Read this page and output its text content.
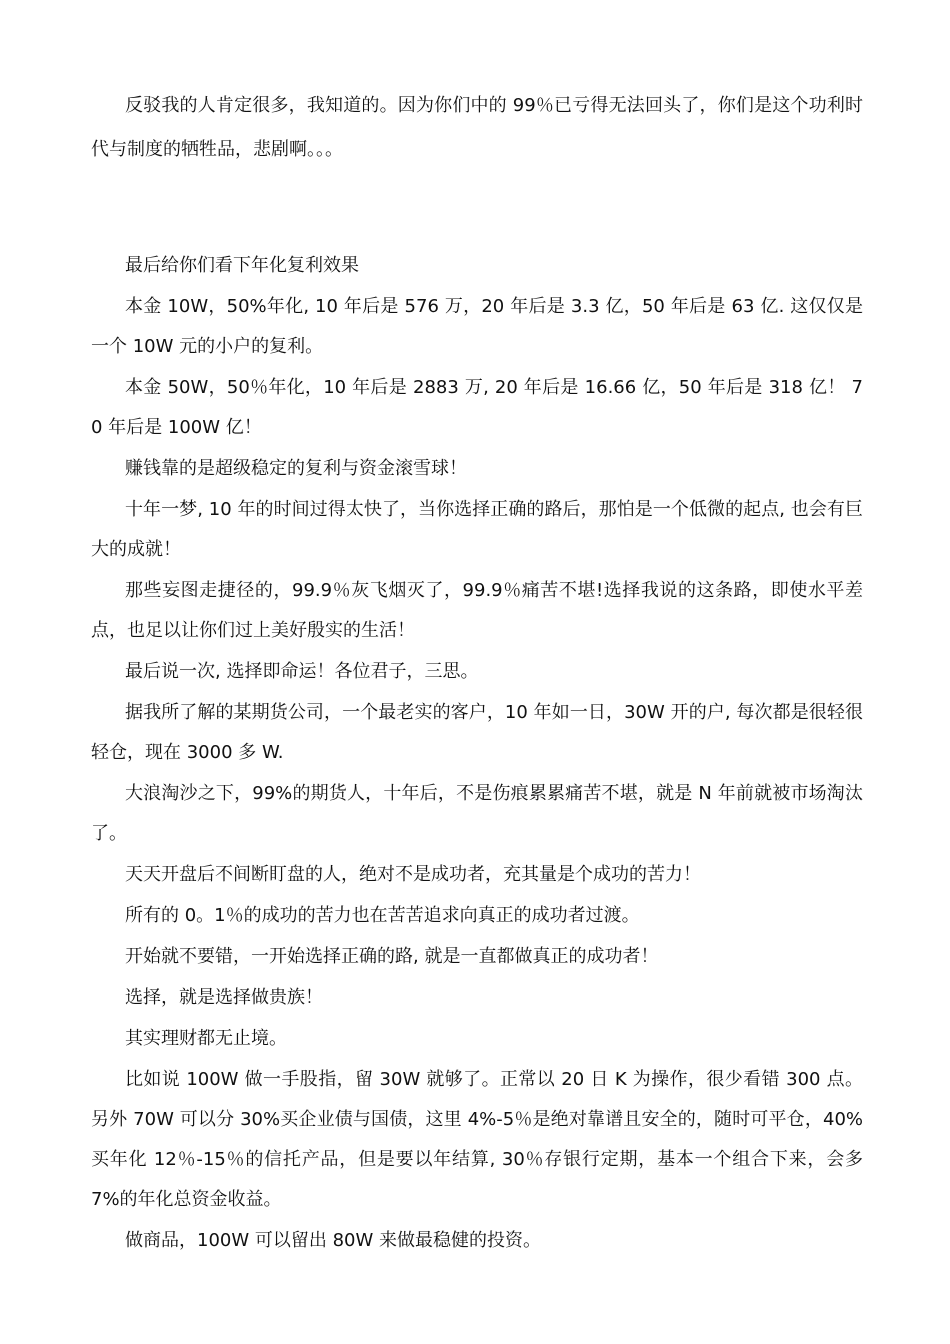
反驳我的人肯定很多，我知道的。因为你们中的 99％已亏得无法回头了，你们是这个功利时代与制度的牺牲品，悲剧啊。。。

最后给你们看下年化复利效果

本金 10W，50%年化, 10 年后是 576 万，20 年后是 3.3 亿，50 年后是 63 亿. 这仅仅是一个 10W 元的小户的复利。

本金 50W，50％年化，10 年后是 2883 万, 20 年后是 16.66 亿，50 年后是 318 亿！ 70 年后是 100W 亿！

赚钱靠的是超级稳定的复利与资金滚雪球！

十年一梦, 10 年的时间过得太快了，当你选择正确的路后，那怕是一个低微的起点, 也会有巨大的成就！

那些妄图走捷径的，99.9％灰飞烟灭了，99.9％痛苦不堪!选择我说的这条路，即使水平差点，也足以让你们过上美好殷实的生活！

最后说一次, 选择即命运！各位君子，三思。

据我所了解的某期货公司，一个最老实的客户，10 年如一日，30W 开的户, 每次都是很轻很轻仓，现在 3000 多 W.

大浪淘沙之下，99%的期货人，十年后，不是伤痕累累痛苦不堪，就是 N 年前就被市场淘汰了。

天天开盘后不间断盯盘的人，绝对不是成功者，充其量是个成功的苦力！

所有的 0。1％的成功的苦力也在苦苦追求向真正的成功者过渡。

开始就不要错，一开始选择正确的路, 就是一直都做真正的成功者！

选择，就是选择做贵族！

其实理财都无止境。

比如说 100W 做一手股指，留 30W 就够了。正常以 20 日 K 为操作，很少看错 300 点。另外 70W 可以分 30%买企业债与国债，这里 4%-5％是绝对靠谱且安全的，随时可平仓，40%买年化 12％-15％的信托产品，但是要以年结算, 30％存银行定期，基本一个组合下来，会多 7%的年化总资金收益。

做商品，100W 可以留出 80W 来做最稳健的投资。
